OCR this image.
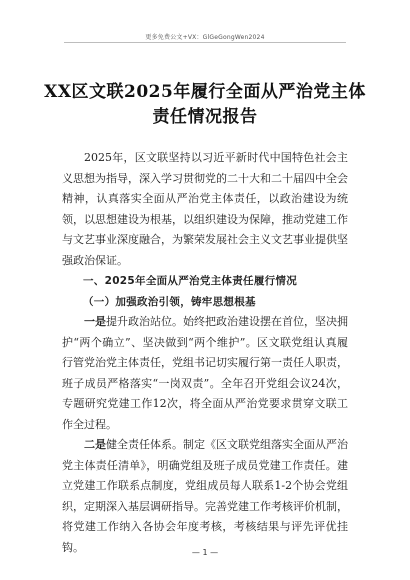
更多免费公文+VX：GlGeGongWen2024
XX区文联2025年履行全面从严治党主体责任情况报告

2025年，区文联坚持以习近平新时代中国特色社会主义思想为指导，深入学习贯彻党的二十大和二十届四中全会精神，认真落实全面从严治党主体责任，以政治建设为统领，以思想建设为根基，以组织建设为保障，推动党建工作与文艺事业深度融合，为繁荣发展社会主义文艺事业提供坚强政治保证。

一、2025年全面从严治党主体责任履行情况

（一）加强政治引领，铸牢思想根基

一是提升政治站位。始终把政治建设摆在首位，坚决拥护“两个确立”、坚决做到“两个维护”。区文联党组认真履行管党治党主体责任，党组书记切实履行第一责任人职责，班子成员严格落实“一岗双责”。全年召开党组会议24次，专题研究党建工作12次，将全面从严治党要求贯穿文联工作全过程。

二是健全责任体系。制定《区文联党组落实全面从严治党主体责任清单》，明确党组及班子成员党建工作责任。建立党建工作联系点制度，党组成员每人联系1-2个协会党组织，定期深入基层调研指导。完善党建工作考核评价机制，将党建工作纳入各协会年度考核，考核结果与评先评优挂钩。	— 1 —
